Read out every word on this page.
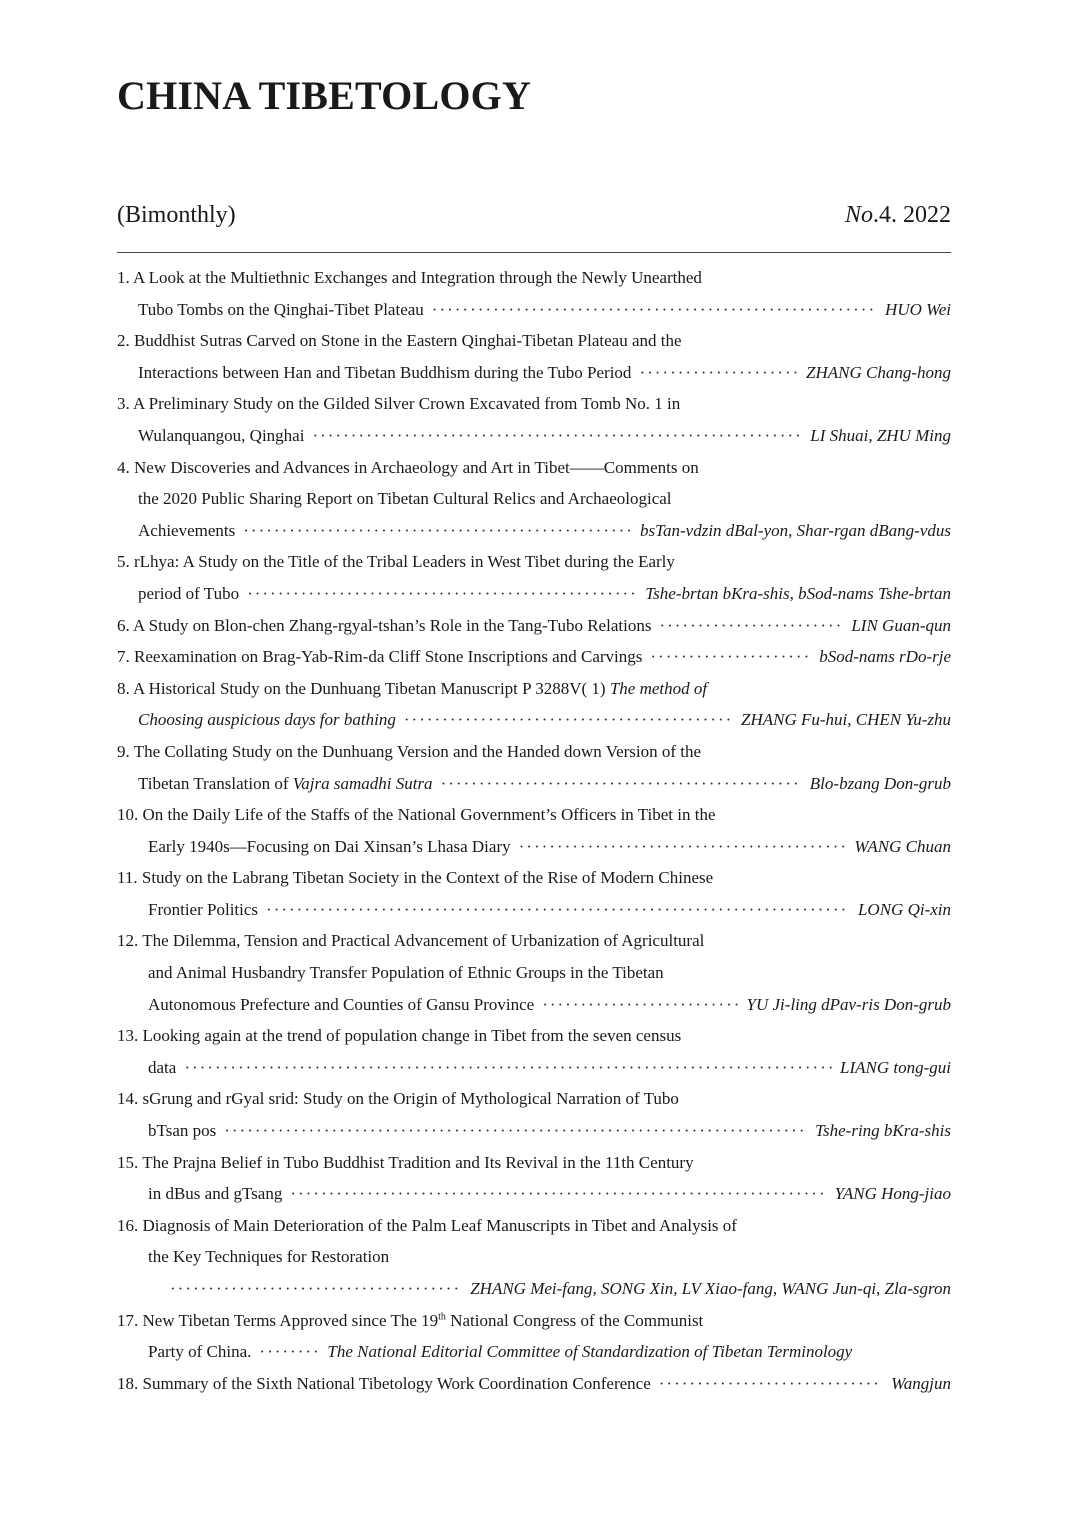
CHINA TIBETOLOGY
(Bimonthly)	No.4. 2022
1. A Look at the Multiethnic Exchanges and Integration through the Newly Unearthed
Tubo Tombs on the Qinghai-Tibet Plateau ·····	HUO Wei
2. Buddhist Sutras Carved on Stone in the Eastern Qinghai-Tibetan Plateau and the
Interactions between Han and Tibetan Buddhism during the Tubo Period ·····	ZHANG Chang-hong
3. A Preliminary Study on the Gilded Silver Crown Excavated from Tomb No. 1 in
Wulanquangou, Qinghai ·····	LI Shuai, ZHU Ming
4. New Discoveries and Advances in Archaeology and Art in Tibet——Comments on
the 2020 Public Sharing Report on Tibetan Cultural Relics and Archaeological
Achievements ·····	bsTan-vdzin dBal-yon, Shar-rgan dBang-vdus
5. rLhya: A Study on the Title of the Tribal Leaders in West Tibet during the Early
period of Tubo ·····	Tshe-brtan bKra-shis, bSod-nams Tshe-brtan
6. A Study on Blon-chen Zhang-rgyal-tshan’s Role in the Tang-Tubo Relations ·····	LIN Guan-qun
7. Reexamination on Brag-Yab-Rim-da Cliff Stone Inscriptions and Carvings ·····	bSod-nams rDo-rje
8. A Historical Study on the Dunhuang Tibetan Manuscript P 3288V( 1)
The method of
Choosing auspicious days for bathing ·····	ZHANG Fu-hui, CHEN Yu-zhu
9. The Collating Study on the Dunhuang Version and the Handed down Version of the
Tibetan Translation of
Vajra samadhi Sutra ·····	Blo-bzang Don-grub
10. On the Daily Life of the Staffs of the National Government’s Officers in Tibet in the
Early 1940s—Focusing on Dai Xinsan’s Lhasa Diary ·····	WANG Chuan
11. Study on the Labrang Tibetan Society in the Context of the Rise of Modern Chinese
Frontier Politics ·····	LONG Qi-xin
12. The Dilemma, Tension and Practical Advancement of Urbanization of Agricultural
and Animal Husbandry Transfer Population of Ethnic Groups in the Tibetan
Autonomous Prefecture and Counties of Gansu Province ·····	YU Ji-ling dPav-ris Don-grub
13. Looking again at the trend of population change in Tibet from the seven census
data ·····	LIANG tong-gui
14. sGrung and rGyal srid: Study on the Origin of Mythological Narration of Tubo
bTsan pos ·····	Tshe-ring bKra-shis
15. The Prajna Belief in Tubo Buddhist Tradition and Its Revival in the 11th Century
in dBus and gTsang ·····	YANG Hong-jiao
16. Diagnosis of Main Deterioration of the Palm Leaf Manuscripts in Tibet and Analysis of
the Key Techniques for Restoration
·····
ZHANG Mei-fang, SONG Xin, LV Xiao-fang, WANG Jun-qi, Zla-sgron
17. New Tibetan Terms Approved since The 19th National Congress of the Communist
Party of China. ·····	The National Editorial Committee of Standardization of Tibetan Terminology
18. Summary of the Sixth National Tibetology Work Coordination Conference ·····	Wangjun
